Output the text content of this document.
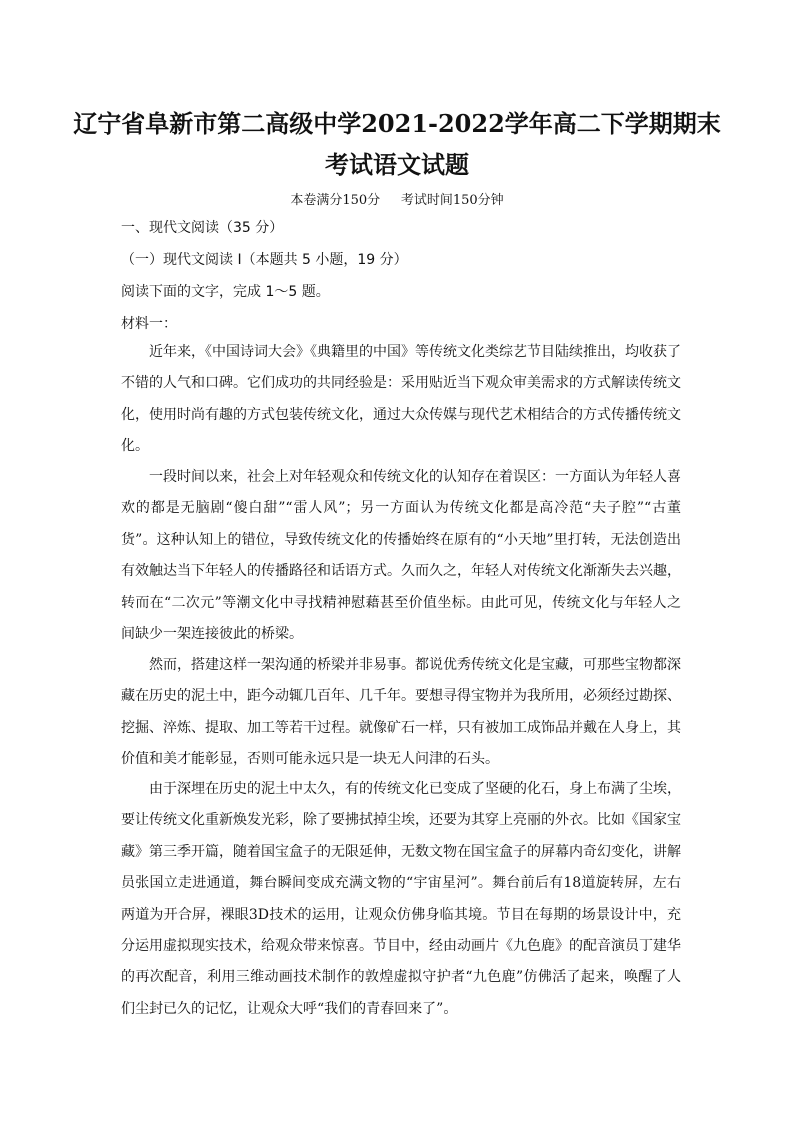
辽宁省阜新市第二高级中学2021-2022学年高二下学期期末
考试语文试题
本卷满分150分     考试时间150分钟
一、现代文阅读（35 分）
（一）现代文阅读 I（本题共 5 小题，19 分）
阅读下面的文字，完成 1～5 题。
材料一：

近年来，《中国诗词大会》《典籍里的中国》等传统文化类综艺节目陆续推出，均收获了不错的人气和口碑。它们成功的共同经验是：采用贴近当下观众审美需求的方式解读传统文化，使用时尚有趣的方式包装传统文化，通过大众传媒与现代艺术相结合的方式传播传统文化。

一段时间以来，社会上对年轻观众和传统文化的认知存在着误区：一方面认为年轻人喜欢的都是无脑剧“傻白甜”“雷人风”；另一方面认为传统文化都是高冷范“夫子腔”“古董货”。这种认知上的错位，导致传统文化的传播始终在原有的“小天地”里打转，无法创造出有效触达当下年轻人的传播路径和话语方式。久而久之，年轻人对传统文化渐渐失去兴趣，转而在“二次元”等潮文化中寻找精神慰藉甚至价值坐标。由此可见，传统文化与年轻人之间缺少一架连接彼此的桥梁。

然而，搭建这样一架沟通的桥梁并非易事。都说优秀传统文化是宝藏，可那些宝物都深藏在历史的泥土中，距今动辄几百年、几千年。要想寻得宝物并为我所用，必须经过勘探、挖掘、淬炼、提取、加工等若干过程。就像矿石一样，只有被加工成饰品并戴在人身上，其价值和美才能彰显，否则可能永远只是一块无人问津的石头。

由于深埋在历史的泥土中太久，有的传统文化已变成了坚硬的化石，身上布满了尘埃，要让传统文化重新焕发光彩，除了要拂拭掉尘埃，还要为其穿上亮丽的外衣。比如《国家宝藏》第三季开篇，随着国宝盒子的无限延伸，无数文物在国宝盒子的屏幕内奇幻变化，讲解员张国立走进通道，舞台瞬间变成充满文物的“宇宙星河”。舞台前后有18道旋转屏，左右两道为开合屏，裸眼3D技术的运用，让观众仿佛身临其境。节目在每期的场景设计中，充分运用虚拟现实技术，给观众带来惊喜。节目中，经由动画片《九色鹿》的配音演员丁建华的再次配音，利用三维动画技术制作的敦煌虚拟守护者“九色鹿”仿佛活了起来，唤醒了人们尘封已久的记忆，让观众大呼“我们的青春回来了”。
